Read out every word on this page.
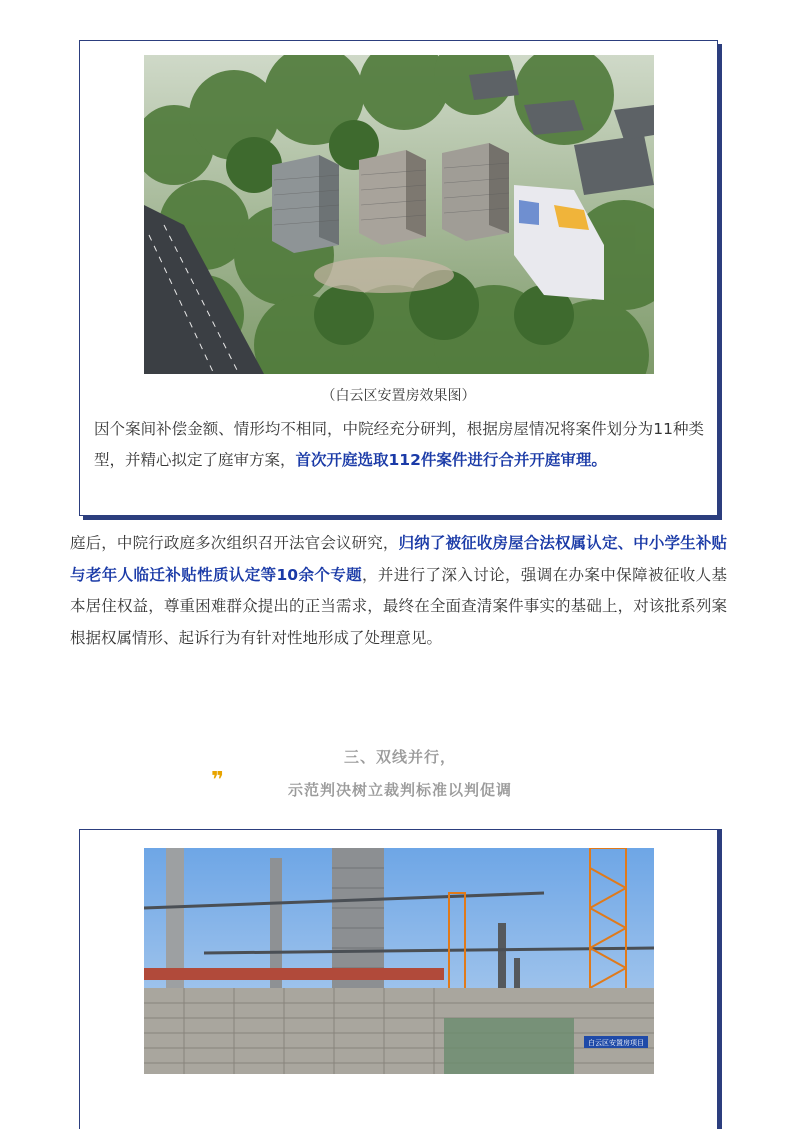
（白云区安置房效果图）
因个案间补偿金额、情形均不相同，中院经充分研判，根据房屋情况将案件划分为11种类型，并精心拟定了庭审方案，首次开庭选取112件案件进行合并开庭审理。
庭后，中院行政庭多次组织召开法官会议研究，归纳了被征收房屋合法权属认定、中小学生补贴与老年人临迁补贴性质认定等10余个专题，并进行了深入讨论，强调在办案中保障被征收人基本居住权益，尊重困难群众提出的正当需求，最终在全面查清案件事实的基础上，对该批系列案根据权属情形、起诉行为有针对性地形成了处理意见。
❞
三、双线并行，
示范判决树立裁判标准以判促调
白云区安置房项目
